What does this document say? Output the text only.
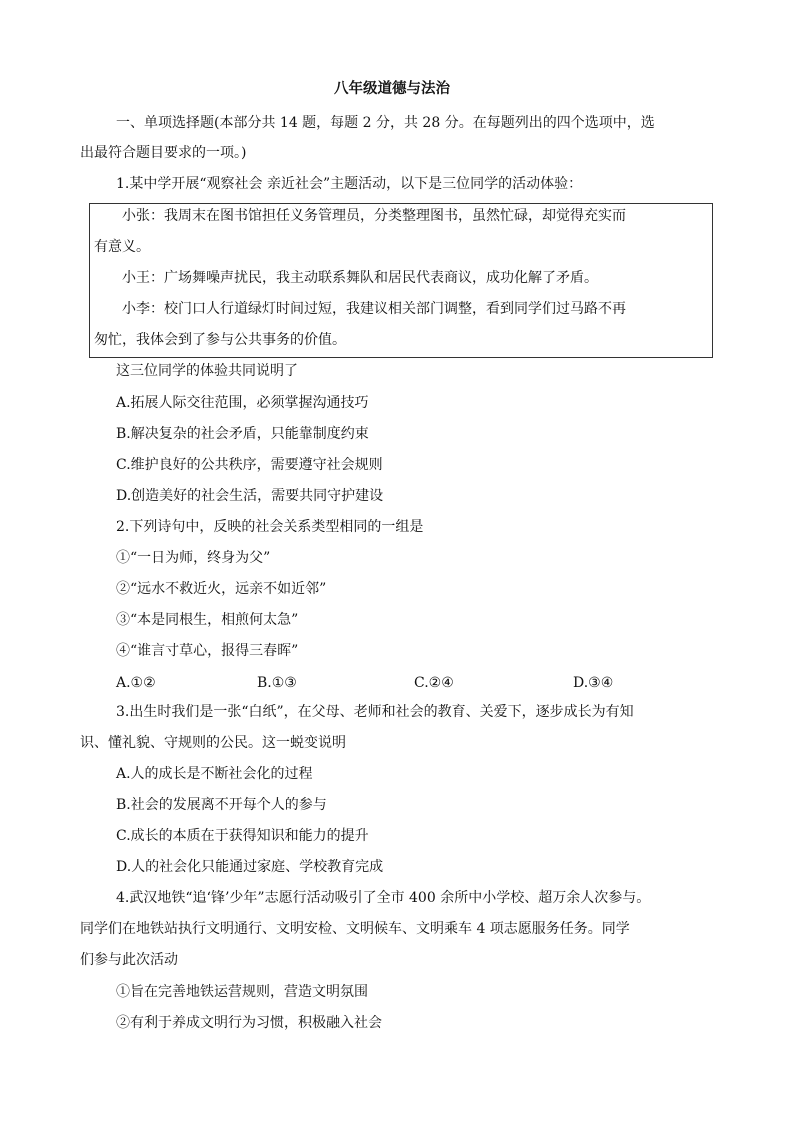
八年级道德与法治
一、单项选择题(本部分共 14 题，每题 2 分，共 28 分。在每题列出的四个选项中，选
出最符合题目要求的一项。)
1.某中学开展“观察社会 亲近社会”主题活动，以下是三位同学的活动体验：
小张：我周末在图书馆担任义务管理员，分类整理图书，虽然忙碌，却觉得充实而
有意义。
小王：广场舞噪声扰民，我主动联系舞队和居民代表商议，成功化解了矛盾。
小李：校门口人行道绿灯时间过短，我建议相关部门调整，看到同学们过马路不再
匆忙，我体会到了参与公共事务的价值。
这三位同学的体验共同说明了
A.拓展人际交往范围，必须掌握沟通技巧
B.解决复杂的社会矛盾，只能靠制度约束
C.维护良好的公共秩序，需要遵守社会规则
D.创造美好的社会生活，需要共同守护建设
2.下列诗句中，反映的社会关系类型相同的一组是
①“一日为师，终身为父”
②“远水不救近火，远亲不如近邻”
③“本是同根生，相煎何太急”
④“谁言寸草心，报得三春晖”
A.①②	B.①③	C.②④	D.③④
3.出生时我们是一张“白纸”，在父母、老师和社会的教育、关爱下，逐步成长为有知
识、懂礼貌、守规则的公民。这一蜕变说明
A.人的成长是不断社会化的过程
B.社会的发展离不开每个人的参与
C.成长的本质在于获得知识和能力的提升
D.人的社会化只能通过家庭、学校教育完成
4.武汉地铁“追‘锋’少年”志愿行活动吸引了全市 400 余所中小学校、超万余人次参与。
同学们在地铁站执行文明通行、文明安检、文明候车、文明乘车 4 项志愿服务任务。同学
们参与此次活动
①旨在完善地铁运营规则，营造文明氛围
②有利于养成文明行为习惯，积极融入社会
